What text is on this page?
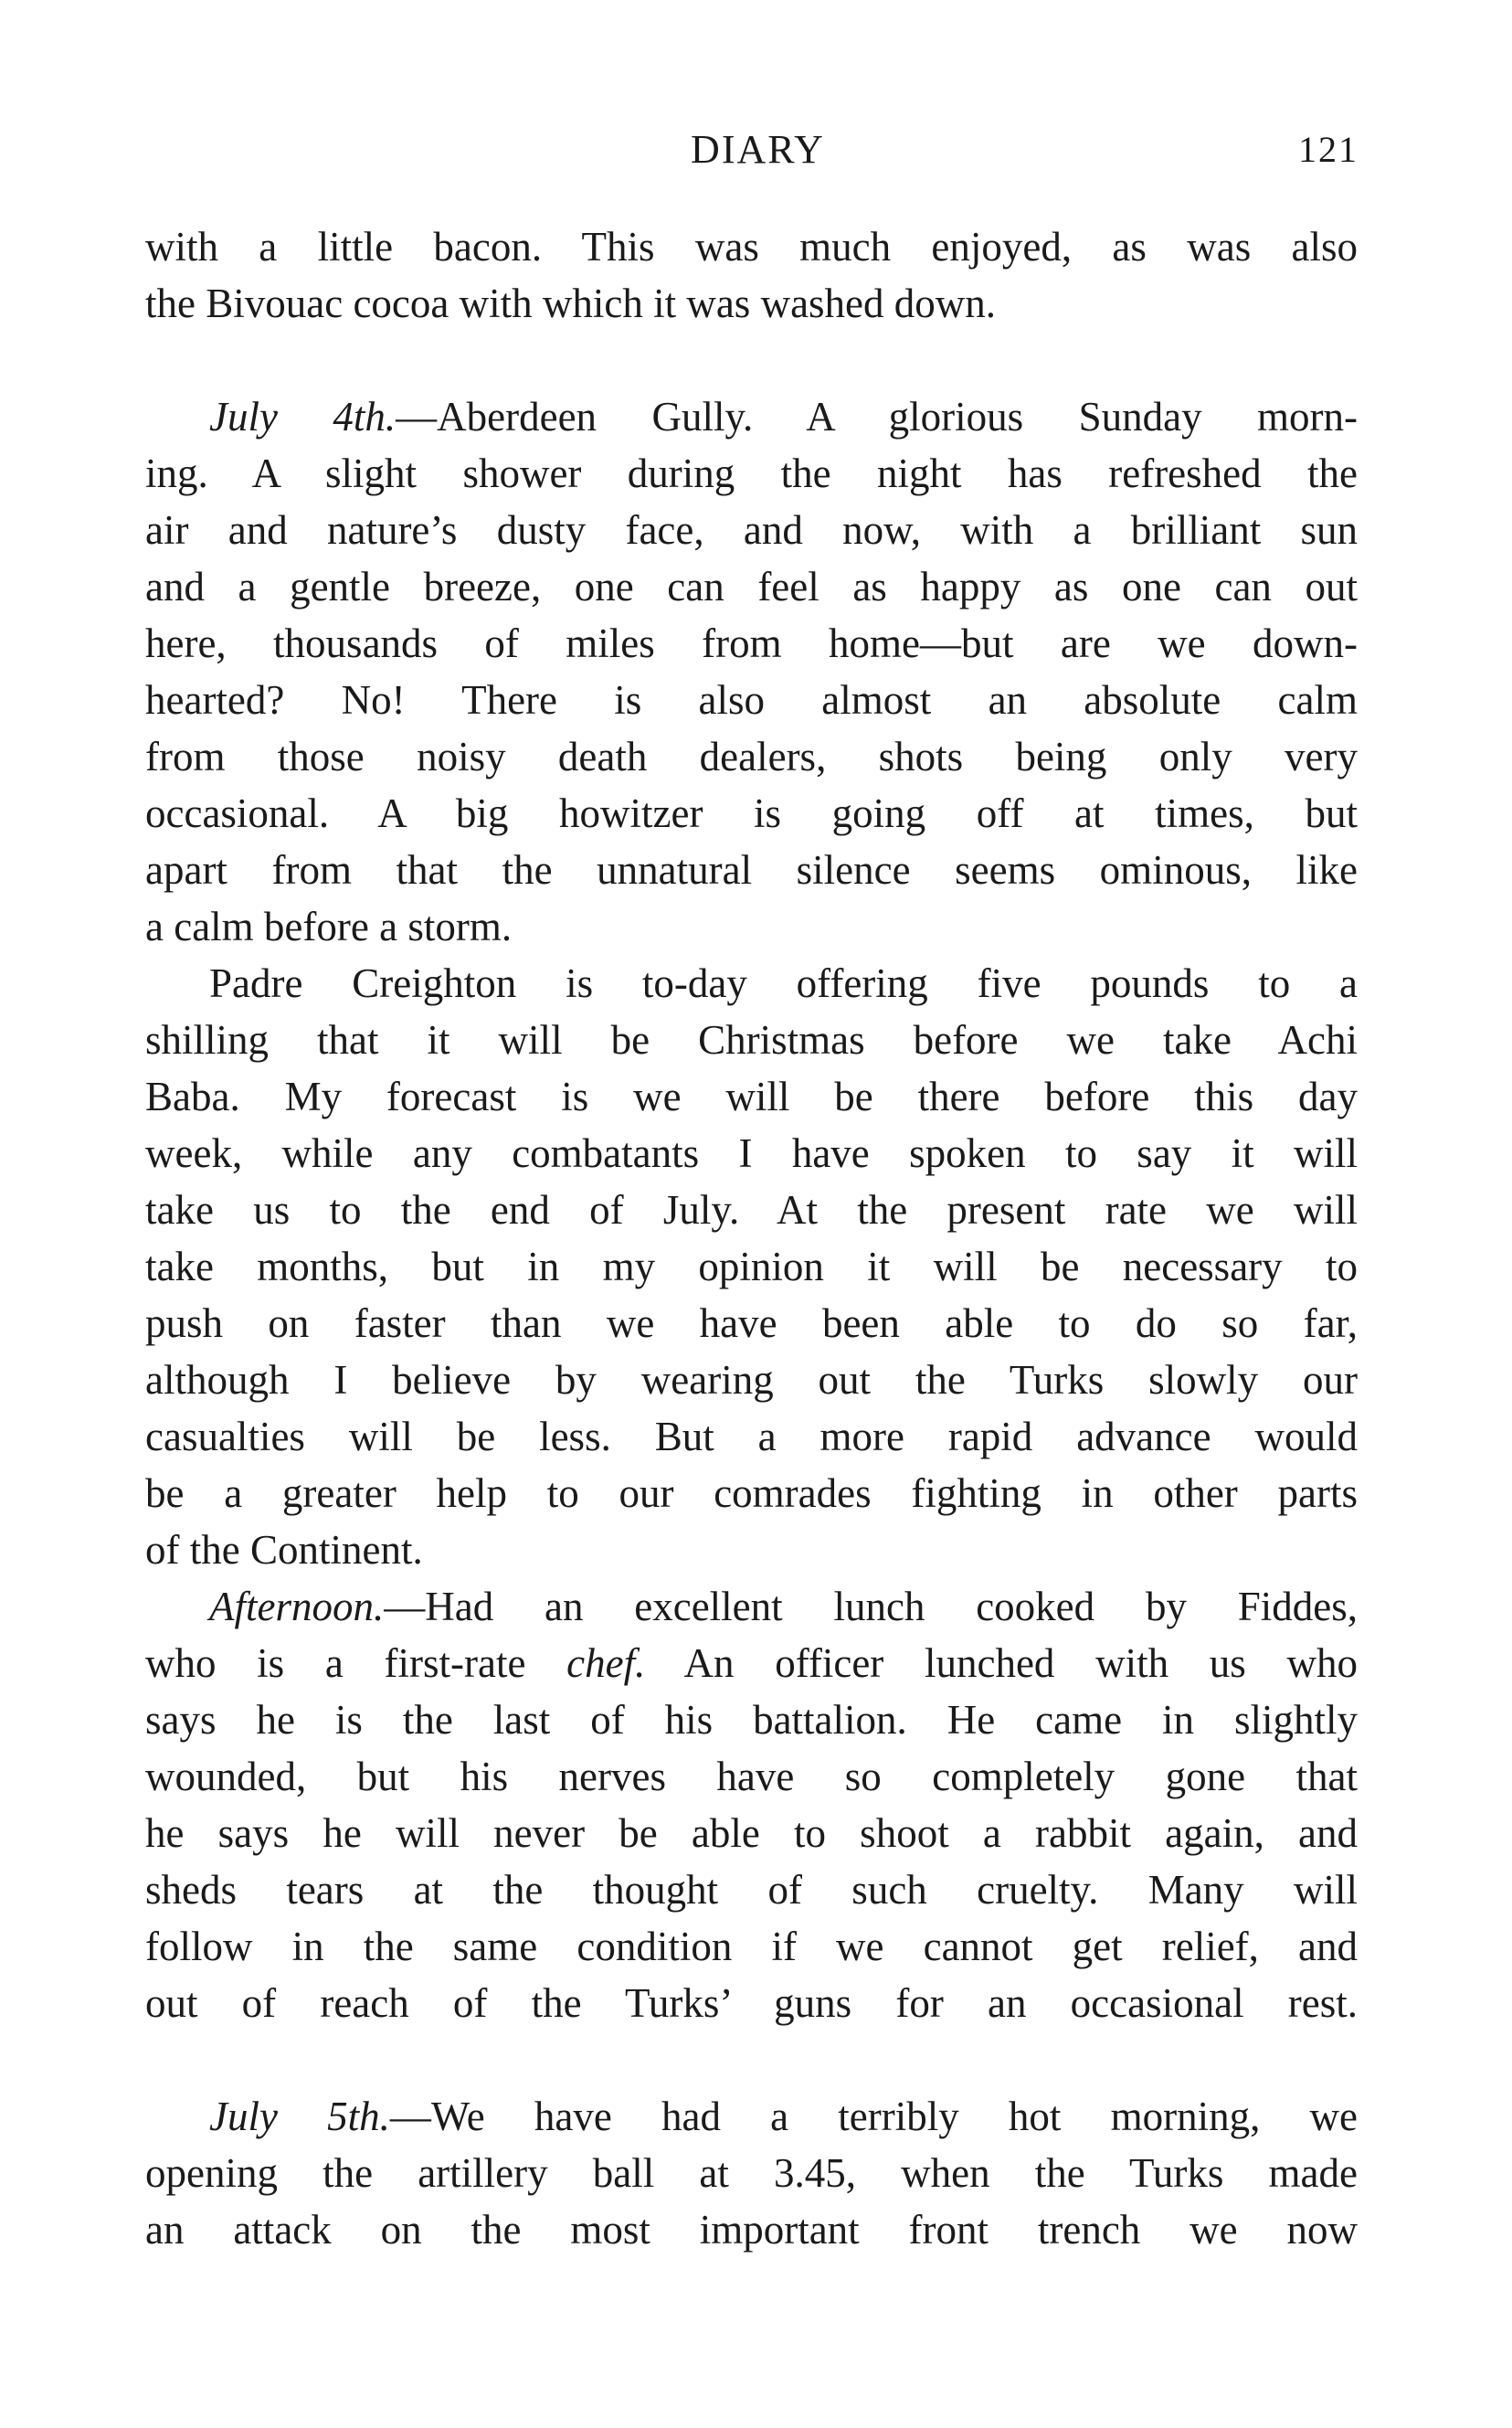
DIARY	121
with a little bacon. This was much enjoyed, as was also
the Bivouac cocoa with which it was washed down.
July 4th.—Aberdeen Gully. A glorious Sunday morn-
ing. A slight shower during the night has refreshed the
air and nature’s dusty face, and now, with a brilliant sun
and a gentle breeze, one can feel as happy as one can out
here, thousands of miles from home—but are we down-
hearted? No! There is also almost an absolute calm
from those noisy death dealers, shots being only very
occasional. A big howitzer is going off at times, but
apart from that the unnatural silence seems ominous, like
a calm before a storm.
Padre Creighton is to-day offering five pounds to a
shilling that it will be Christmas before we take Achi
Baba. My forecast is we will be there before this day
week, while any combatants I have spoken to say it will
take us to the end of July. At the present rate we will
take months, but in my opinion it will be necessary to
push on faster than we have been able to do so far,
although I believe by wearing out the Turks slowly our
casualties will be less. But a more rapid advance would
be a greater help to our comrades fighting in other parts
of the Continent.
Afternoon.—Had an excellent lunch cooked by Fiddes,
who is a first-rate chef. An officer lunched with us who
says he is the last of his battalion. He came in slightly
wounded, but his nerves have so completely gone that
he says he will never be able to shoot a rabbit again, and
sheds tears at the thought of such cruelty. Many will
follow in the same condition if we cannot get relief, and
out of reach of the Turks’ guns for an occasional rest.
July 5th.—We have had a terribly hot morning, we
opening the artillery ball at 3.45, when the Turks made
an attack on the most important front trench we now
